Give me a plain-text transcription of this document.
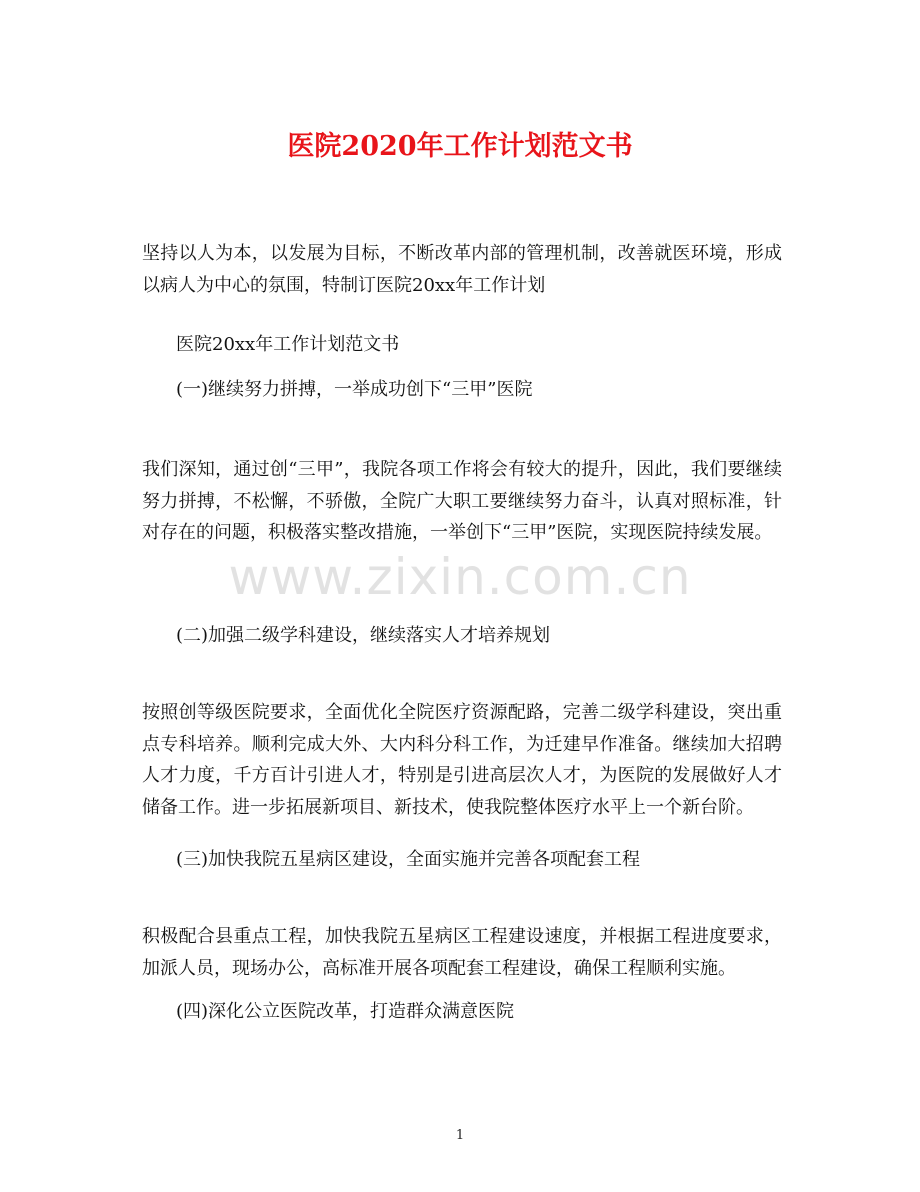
医院2020年工作计划范文书
坚持以人为本，以发展为目标，不断改革内部的管理机制，改善就医环境，形成以病人为中心的氛围，特制订医院20xx年工作计划
医院20xx年工作计划范文书
(一)继续努力拼搏，一举成功创下“三甲”医院
我们深知，通过创“三甲”，我院各项工作将会有较大的提升，因此，我们要继续努力拼搏，不松懈，不骄傲，全院广大职工要继续努力奋斗，认真对照标准，针对存在的问题，积极落实整改措施，一举创下“三甲”医院，实现医院持续发展。
(二)加强二级学科建设，继续落实人才培养规划
按照创等级医院要求，全面优化全院医疗资源配路，完善二级学科建设，突出重点专科培养。顺利完成大外、大内科分科工作，为迁建早作准备。继续加大招聘人才力度，千方百计引进人才，特别是引进高层次人才，为医院的发展做好人才储备工作。进一步拓展新项目、新技术，使我院整体医疗水平上一个新台阶。
(三)加快我院五星病区建设，全面实施并完善各项配套工程
积极配合县重点工程，加快我院五星病区工程建设速度，并根据工程进度要求，加派人员，现场办公，高标准开展各项配套工程建设，确保工程顺利实施。
(四)深化公立医院改革，打造群众满意医院
www.zixin.com.cn
1
